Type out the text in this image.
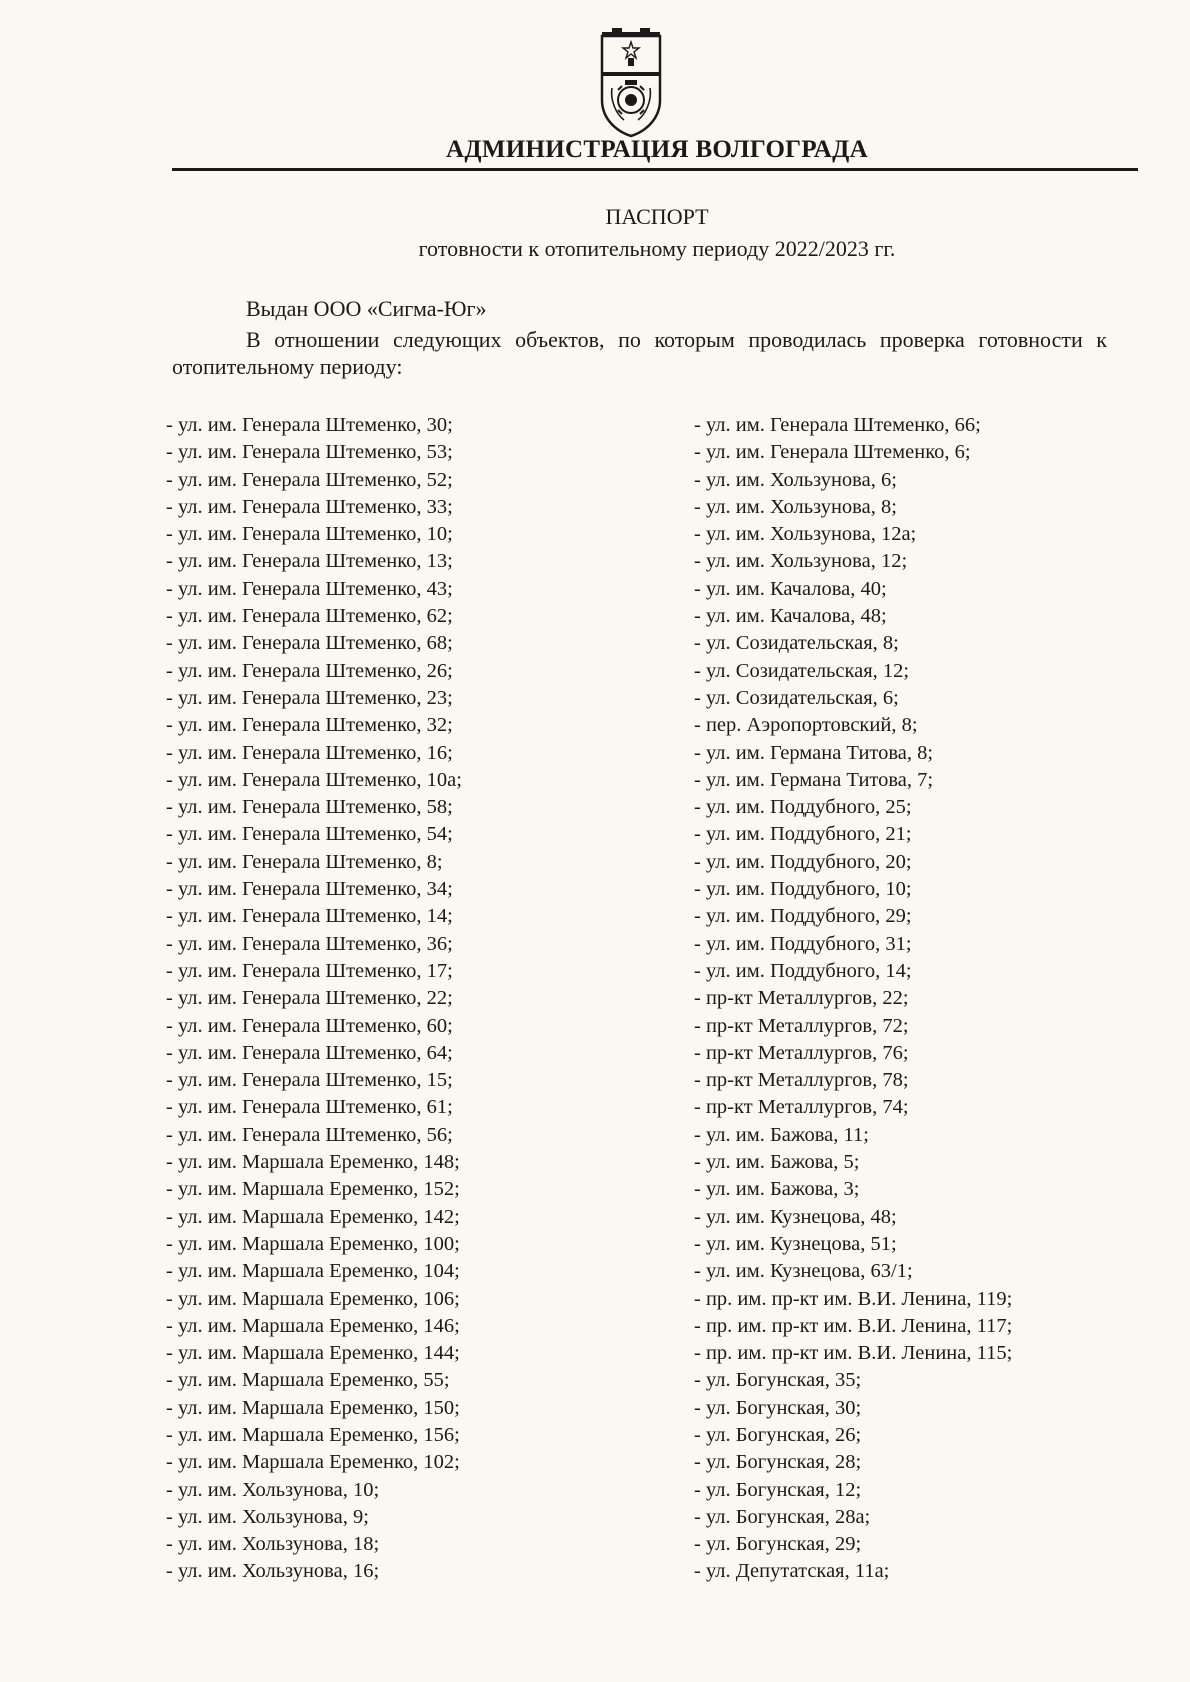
АДМИНИСТРАЦИЯ ВОЛГОГРАДА
ПАСПОРТ
готовности к отопительному периоду 2022/2023 гг.
Выдан ООО «Сигма-Юг»
В отношении следующих объектов, по которым проводилась проверка готовности к отопительному периоду:
- ул. им. Генерала Штеменко, 30;
- ул. им. Генерала Штеменко, 53;
- ул. им. Генерала Штеменко, 52;
- ул. им. Генерала Штеменко, 33;
- ул. им. Генерала Штеменко, 10;
- ул. им. Генерала Штеменко, 13;
- ул. им. Генерала Штеменко, 43;
- ул. им. Генерала Штеменко, 62;
- ул. им. Генерала Штеменко, 68;
- ул. им. Генерала Штеменко, 26;
- ул. им. Генерала Штеменко, 23;
- ул. им. Генерала Штеменко, 32;
- ул. им. Генерала Штеменко, 16;
- ул. им. Генерала Штеменко, 10а;
- ул. им. Генерала Штеменко, 58;
- ул. им. Генерала Штеменко, 54;
- ул. им. Генерала Штеменко, 8;
- ул. им. Генерала Штеменко, 34;
- ул. им. Генерала Штеменко, 14;
- ул. им. Генерала Штеменко, 36;
- ул. им. Генерала Штеменко, 17;
- ул. им. Генерала Штеменко, 22;
- ул. им. Генерала Штеменко, 60;
- ул. им. Генерала Штеменко, 64;
- ул. им. Генерала Штеменко, 15;
- ул. им. Генерала Штеменко, 61;
- ул. им. Генерала Штеменко, 56;
- ул. им. Маршала Еременко, 148;
- ул. им. Маршала Еременко, 152;
- ул. им. Маршала Еременко, 142;
- ул. им. Маршала Еременко, 100;
- ул. им. Маршала Еременко, 104;
- ул. им. Маршала Еременко, 106;
- ул. им. Маршала Еременко, 146;
- ул. им. Маршала Еременко, 144;
- ул. им. Маршала Еременко, 55;
- ул. им. Маршала Еременко, 150;
- ул. им. Маршала Еременко, 156;
- ул. им. Маршала Еременко, 102;
- ул. им. Хользунова, 10;
- ул. им. Хользунова, 9;
- ул. им. Хользунова, 18;
- ул. им. Хользунова, 16;
- ул. им. Генерала Штеменко, 66;
- ул. им. Генерала Штеменко, 6;
- ул. им. Хользунова, 6;
- ул. им. Хользунова, 8;
- ул. им. Хользунова, 12а;
- ул. им. Хользунова, 12;
- ул. им. Качалова, 40;
- ул. им. Качалова, 48;
- ул. Созидательская, 8;
- ул. Созидательская, 12;
- ул. Созидательская, 6;
- пер. Аэропортовский, 8;
- ул. им. Германа Титова, 8;
- ул. им. Германа Титова, 7;
- ул. им. Поддубного, 25;
- ул. им. Поддубного, 21;
- ул. им. Поддубного, 20;
- ул. им. Поддубного, 10;
- ул. им. Поддубного, 29;
- ул. им. Поддубного, 31;
- ул. им. Поддубного, 14;
- пр-кт Металлургов, 22;
- пр-кт Металлургов, 72;
- пр-кт Металлургов, 76;
- пр-кт Металлургов, 78;
- пр-кт Металлургов, 74;
- ул. им. Бажова, 11;
- ул. им. Бажова, 5;
- ул. им. Бажова, 3;
- ул. им. Кузнецова, 48;
- ул. им. Кузнецова, 51;
- ул. им. Кузнецова, 63/1;
- пр. им. пр-кт им. В.И. Ленина, 119;
- пр. им. пр-кт им. В.И. Ленина, 117;
- пр. им. пр-кт им. В.И. Ленина, 115;
- ул. Богунская, 35;
- ул. Богунская, 30;
- ул. Богунская, 26;
- ул. Богунская, 28;
- ул. Богунская, 12;
- ул. Богунская, 28а;
- ул. Богунская, 29;
- ул. Депутатская, 11а;
